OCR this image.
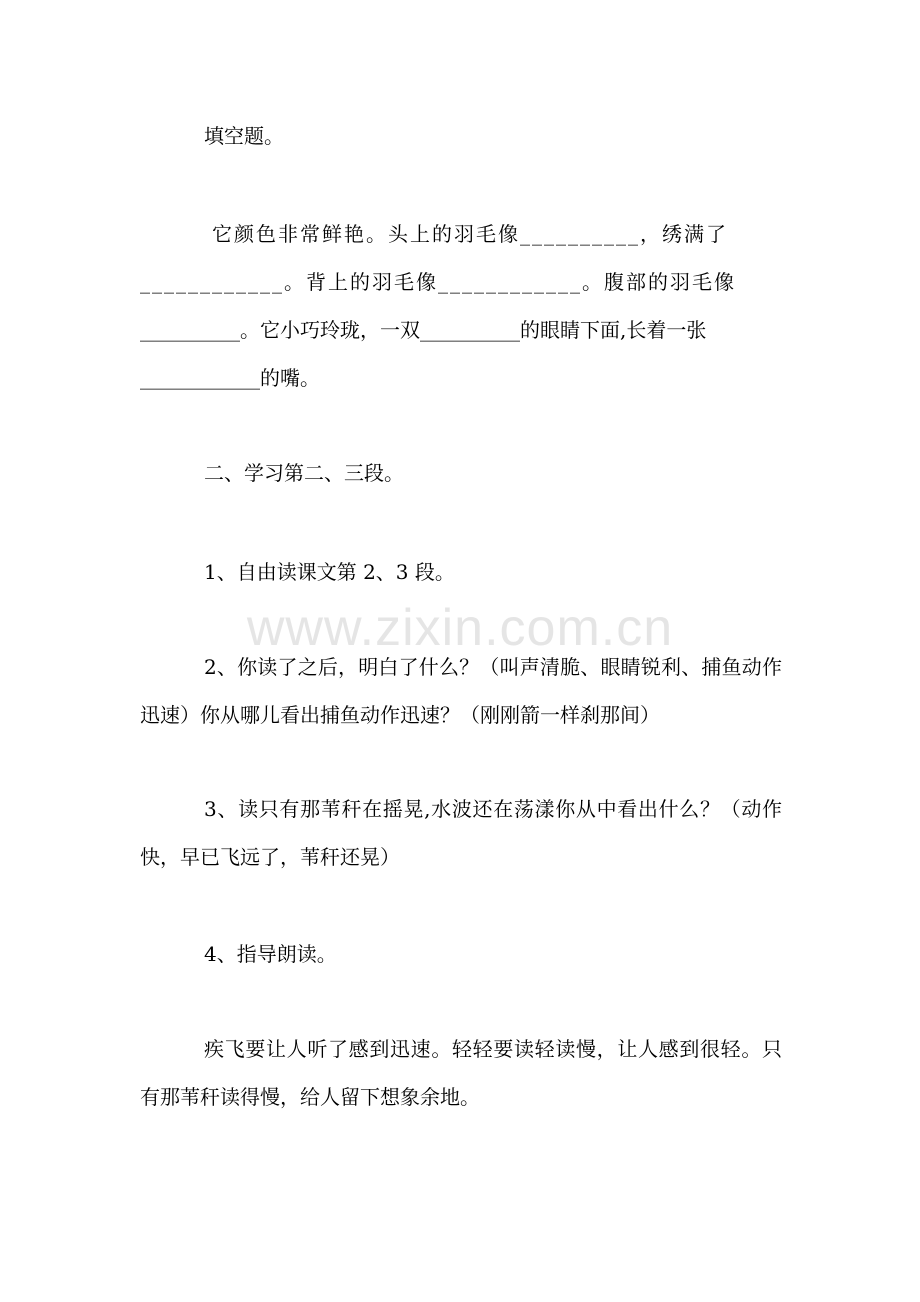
填空题。

它颜色非常鲜艳。头上的羽毛像__________，绣满了
____________。背上的羽毛像____________。腹部的羽毛像
__________。它小巧玲珑，一双__________的眼睛下面,长着一张
____________的嘴。

二、学习第二、三段。

1、自由读课文第 2、3 段。

2、你读了之后，明白了什么？（叫声清脆、眼睛锐利、捕鱼动作迅速）你从哪儿看出捕鱼动作迅速？（刚刚箭一样刹那间）

3、读只有那苇秆在摇晃,水波还在荡漾你从中看出什么？（动作快，早已飞远了，苇秆还晃）

4、指导朗读。

疾飞要让人听了感到迅速。轻轻要读轻读慢，让人感到很轻。只有那苇秆读得慢，给人留下想象余地。

www.zixin.com.cn
